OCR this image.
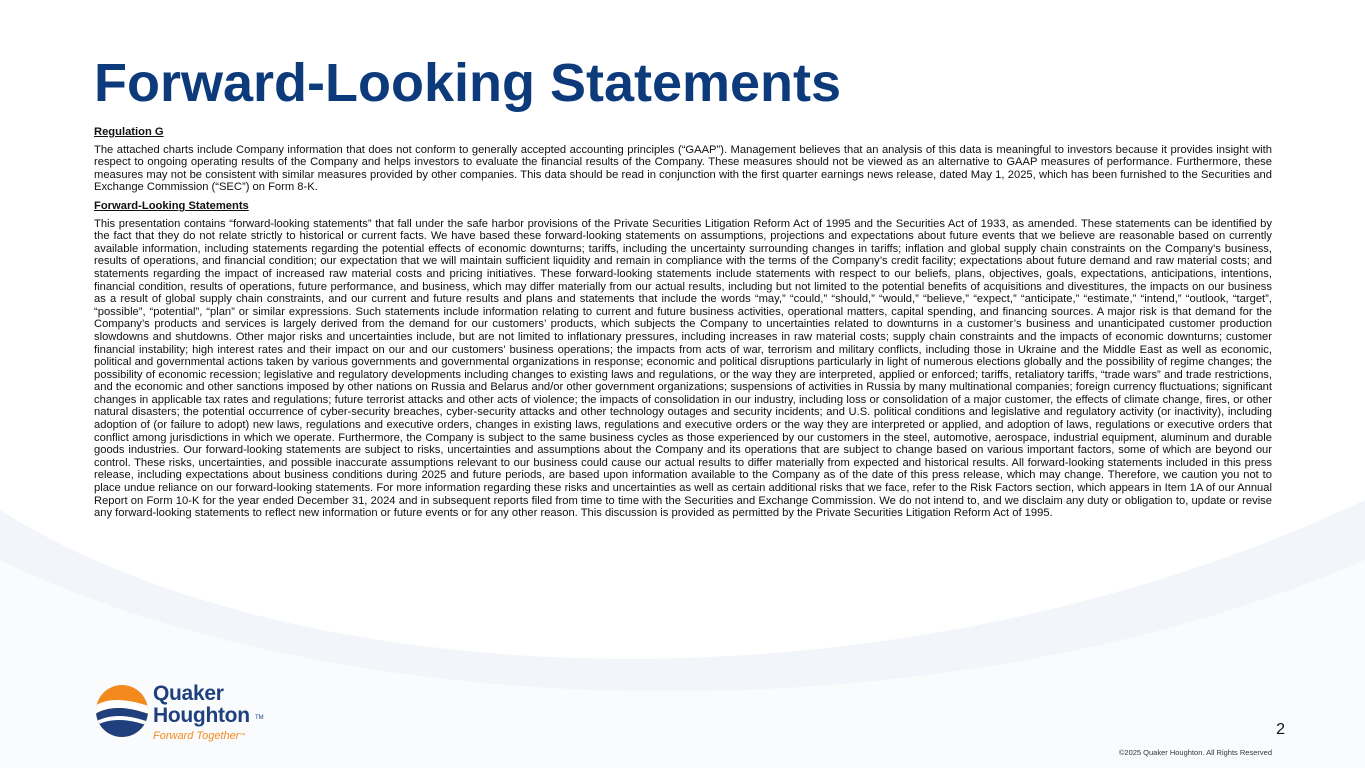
Forward-Looking Statements
Regulation G

The attached charts include Company information that does not conform to generally accepted accounting principles (“GAAP”). Management believes that an analysis of this data is meaningful to investors because it provides insight with respect to ongoing operating results of the Company and helps investors to evaluate the financial results of the Company. These measures should not be viewed as an alternative to GAAP measures of performance. Furthermore, these measures may not be consistent with similar measures provided by other companies. This data should be read in conjunction with the first quarter earnings news release, dated May 1, 2025, which has been furnished to the Securities and Exchange Commission (“SEC”) on Form 8-K.

Forward-Looking Statements

This presentation contains “forward-looking statements” that fall under the safe harbor provisions of the Private Securities Litigation Reform Act of 1995 and the Securities Act of 1933, as amended. These statements can be identified by the fact that they do not relate strictly to historical or current facts. We have based these forward-looking statements on assumptions, projections and expectations about future events that we believe are reasonable based on currently available information, including statements regarding the potential effects of economic downturns; tariffs, including the uncertainty surrounding changes in tariffs; inflation and global supply chain constraints on the Company’s business, results of operations, and financial condition; our expectation that we will maintain sufficient liquidity and remain in compliance with the terms of the Company’s credit facility; expectations about future demand and raw material costs; and statements regarding the impact of increased raw material costs and pricing initiatives. These forward-looking statements include statements with respect to our beliefs, plans, objectives, goals, expectations, anticipations, intentions, financial condition, results of operations, future performance, and business, which may differ materially from our actual results, including but not limited to the potential benefits of acquisitions and divestitures, the impacts on our business as a result of global supply chain constraints, and our current and future results and plans and statements that include the words “may,” “could,” “should,” “would,” “believe,” “expect,” “anticipate,” “estimate,” “intend,” “outlook, “target”, “possible”, “potential”, “plan” or similar expressions. Such statements include information relating to current and future business activities, operational matters, capital spending, and financing sources. A major risk is that demand for the Company’s products and services is largely derived from the demand for our customers’ products, which subjects the Company to uncertainties related to downturns in a customer’s business and unanticipated customer production slowdowns and shutdowns. Other major risks and uncertainties include, but are not limited to inflationary pressures, including increases in raw material costs; supply chain constraints and the impacts of economic downturns; customer financial instability; high interest rates and their impact on our and our customers’ business operations; the impacts from acts of war, terrorism and military conflicts, including those in Ukraine and the Middle East as well as economic, political and governmental actions taken by various governments and governmental organizations in response; economic and political disruptions particularly in light of numerous elections globally and the possibility of regime changes; the possibility of economic recession; legislative and regulatory developments including changes to existing laws and regulations, or the way they are interpreted, applied or enforced; tariffs, retaliatory tariffs, “trade wars” and trade restrictions, and the economic and other sanctions imposed by other nations on Russia and Belarus and/or other government organizations; suspensions of activities in Russia by many multinational companies; foreign currency fluctuations; significant changes in applicable tax rates and regulations; future terrorist attacks and other acts of violence; the impacts of consolidation in our industry, including loss or consolidation of a major customer, the effects of climate change, fires, or other natural disasters; the potential occurrence of cyber-security breaches, cyber-security attacks and other technology outages and security incidents; and U.S. political conditions and legislative and regulatory activity (or inactivity), including adoption of (or failure to adopt) new laws, regulations and executive orders, changes in existing laws, regulations and executive orders or the way they are interpreted or applied, and adoption of laws, regulations or executive orders that conflict among jurisdictions in which we operate. Furthermore, the Company is subject to the same business cycles as those experienced by our customers in the steel, automotive, aerospace, industrial equipment, aluminum and durable goods industries. Our forward-looking statements are subject to risks, uncertainties and assumptions about the Company and its operations that are subject to change based on various important factors, some of which are beyond our control. These risks, uncertainties, and possible inaccurate assumptions relevant to our business could cause our actual results to differ materially from expected and historical results. All forward-looking statements included in this press release, including expectations about business conditions during 2025 and future periods, are based upon information available to the Company as of the date of this press release, which may change. Therefore, we caution you not to place undue reliance on our forward-looking statements. For more information regarding these risks and uncertainties as well as certain additional risks that we face, refer to the Risk Factors section, which appears in Item 1A of our Annual Report on Form 10-K for the year ended December 31, 2024 and in subsequent reports filed from time to time with the Securities and Exchange Commission. We do not intend to, and we disclaim any duty or obligation to, update or revise any forward-looking statements to reflect new information or future events or for any other reason. This discussion is provided as permitted by the Private Securities Litigation Reform Act of 1995.

Quaker
Houghton TM
Forward Together™	2
©2025 Quaker Houghton. All Rights Reserved
